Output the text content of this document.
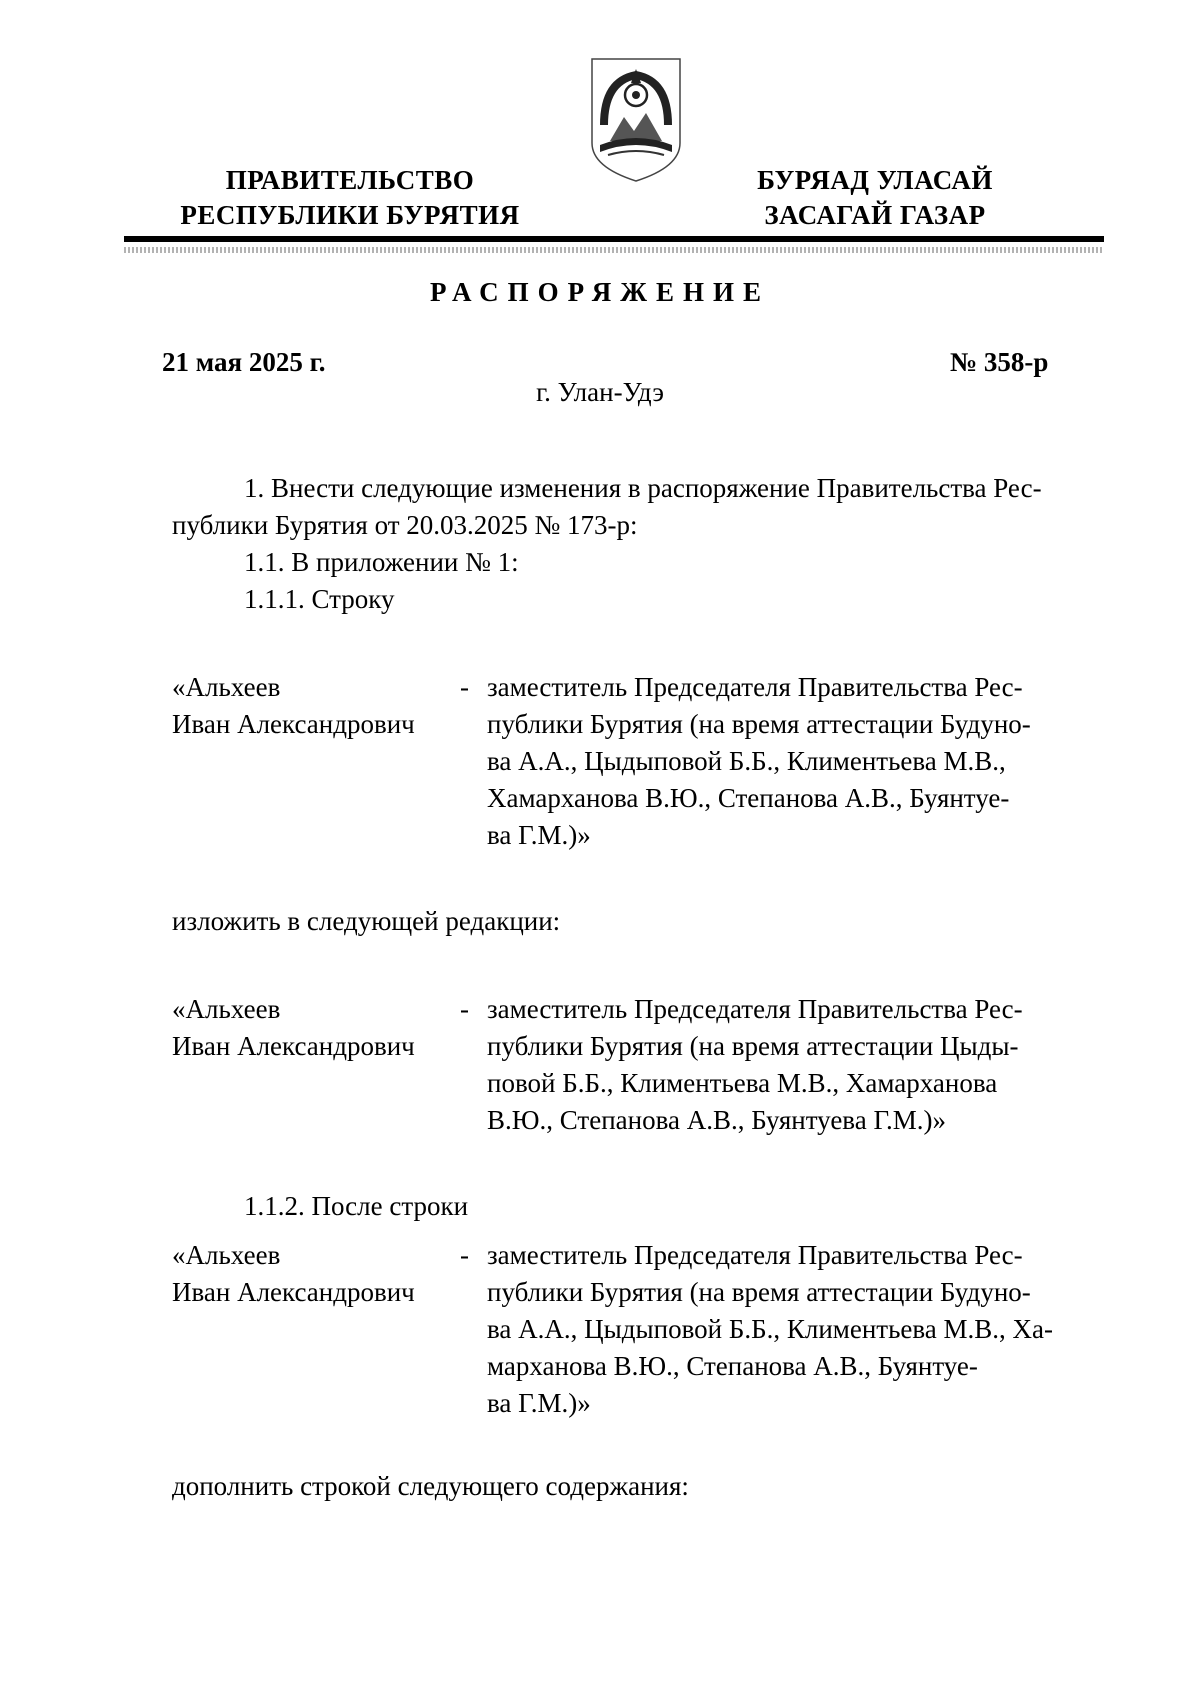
ПРАВИТЕЛЬСТВО
РЕСПУБЛИКИ БУРЯТИЯ
БУРЯАД УЛАСАЙ
ЗАСАГАЙ ГАЗАР
РАСПОРЯЖЕНИЕ
21 мая 2025 г.	№ 358-р
г. Улан-Удэ
1. Внести следующие изменения в распоряжение Правительства Рес-
публики Бурятия от 20.03.2025 № 173-р:
1.1. В приложении № 1:
1.1.1. Строку
«Альхеев
Иван Александрович
- заместитель Председателя Правительства Рес-
публики Бурятия (на время аттестации Будуно-
ва А.А., Цыдыповой Б.Б., Климентьева М.В.,
Хамарханова В.Ю., Степанова А.В., Буянтуе-
ва Г.М.)»
изложить в следующей редакции:
«Альхеев
Иван Александрович
- заместитель Председателя Правительства Рес-
публики Бурятия (на время аттестации Цыды-
повой Б.Б., Климентьева М.В., Хамарханова
В.Ю., Степанова А.В., Буянтуева Г.М.)»
1.1.2. После строки
«Альхеев
Иван Александрович
- заместитель Председателя Правительства Рес-
публики Бурятия (на время аттестации Будуно-
ва А.А., Цыдыповой Б.Б., Климентьева М.В., Ха-
марханова В.Ю., Степанова А.В., Буянтуе-
ва Г.М.)»
дополнить строкой следующего содержания:
